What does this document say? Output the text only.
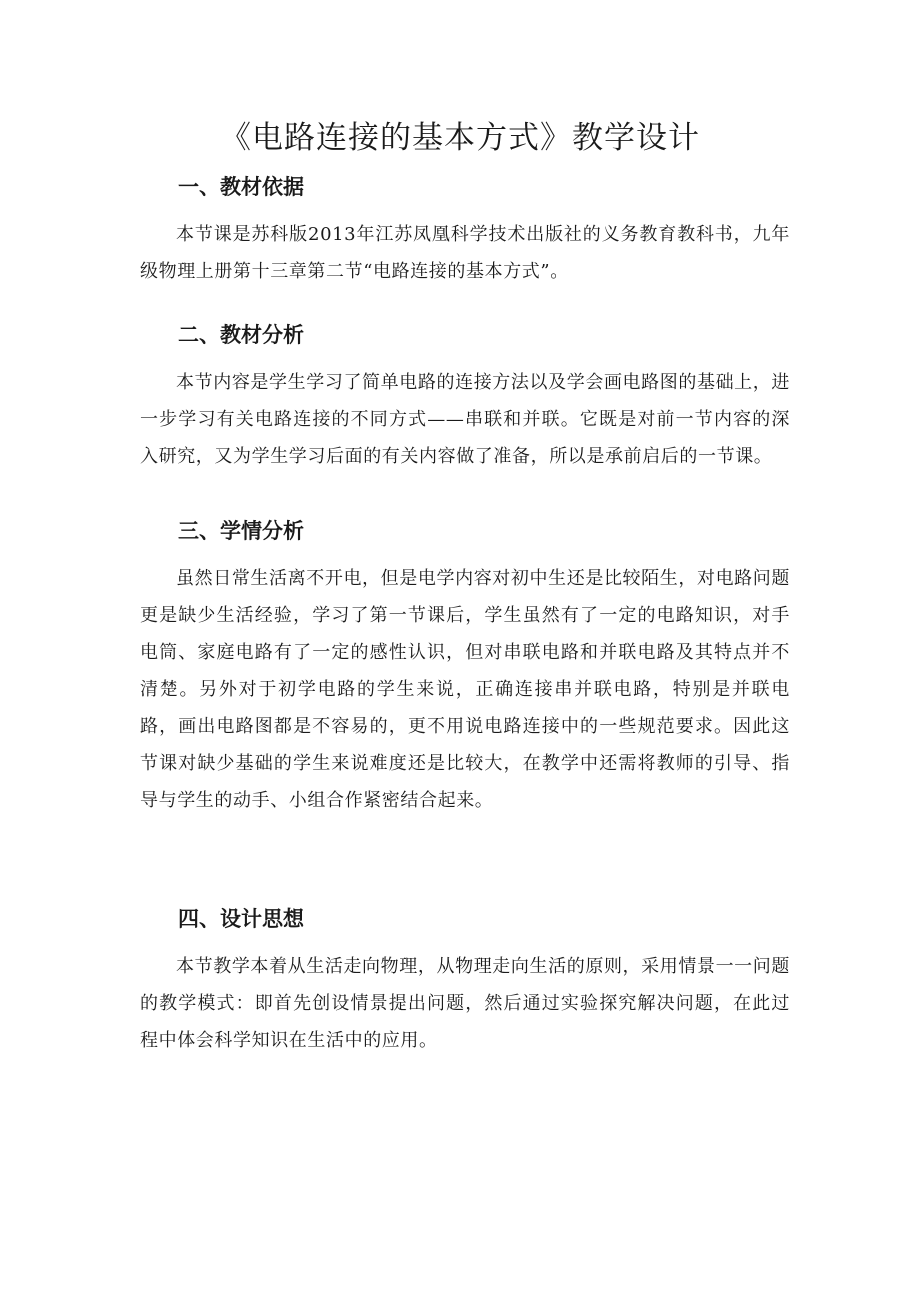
《电路连接的基本方式》教学设计
一、教材依据

本节课是苏科版2013年江苏凤凰科学技术出版社的义务教育教科书，九年级物理上册第十三章第二节“电路连接的基本方式”。

二、教材分析

本节内容是学生学习了简单电路的连接方法以及学会画电路图的基础上，进一步学习有关电路连接的不同方式——串联和并联。它既是对前一节内容的深入研究，又为学生学习后面的有关内容做了准备，所以是承前启后的一节课。

三、学情分析

虽然日常生活离不开电，但是电学内容对初中生还是比较陌生，对电路问题更是缺少生活经验，学习了第一节课后，学生虽然有了一定的电路知识，对手电筒、家庭电路有了一定的感性认识，但对串联电路和并联电路及其特点并不清楚。另外对于初学电路的学生来说，正确连接串并联电路，特别是并联电路，画出电路图都是不容易的，更不用说电路连接中的一些规范要求。因此这节课对缺少基础的学生来说难度还是比较大，在教学中还需将教师的引导、指导与学生的动手、小组合作紧密结合起来。

四、设计思想

本节教学本着从生活走向物理，从物理走向生活的原则，采用情景一一问题的教学模式：即首先创设情景提出问题，然后通过实验探究解决问题，在此过程中体会科学知识在生活中的应用。
